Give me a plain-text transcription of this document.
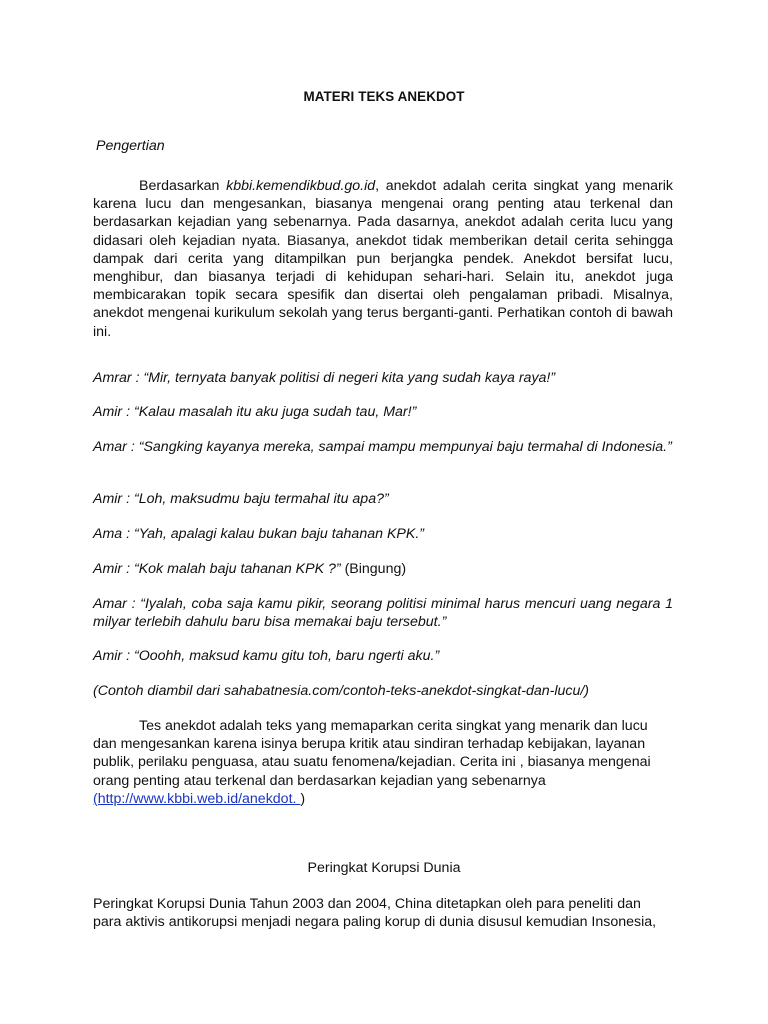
MATERI TEKS ANEKDOT
Pengertian

Berdasarkan kbbi.kemendikbud.go.id, anekdot adalah cerita singkat yang menarik karena lucu dan mengesankan, biasanya mengenai orang penting atau terkenal dan berdasarkan kejadian yang sebenarnya. Pada dasarnya, anekdot adalah cerita lucu yang didasari oleh kejadian nyata. Biasanya, anekdot tidak memberikan detail cerita sehingga dampak dari cerita yang ditampilkan pun berjangka pendek. Anekdot bersifat lucu, menghibur, dan biasanya terjadi di kehidupan sehari-hari. Selain itu, anekdot juga membicarakan topik secara spesifik dan disertai oleh pengalaman pribadi. Misalnya, anekdot mengenai kurikulum sekolah yang terus berganti-ganti. Perhatikan contoh di bawah ini.

Amrar : “Mir, ternyata banyak politisi di negeri kita yang sudah kaya raya!”

Amir : “Kalau masalah itu aku juga sudah tau, Mar!”

Amar : “Sangking kayanya mereka, sampai mampu mempunyai baju termahal di Indonesia.”

Amir : “Loh, maksudmu baju termahal itu apa?”

Ama : “Yah, apalagi kalau bukan baju tahanan KPK.”

Amir : “Kok malah baju tahanan KPK ?” (Bingung)

Amar : “Iyalah, coba saja kamu pikir, seorang politisi minimal harus mencuri uang negara 1 milyar terlebih dahulu baru bisa memakai baju tersebut.”

Amir : “Ooohh, maksud kamu gitu toh, baru ngerti aku.”

(Contoh diambil dari sahabatnesia.com/contoh-teks-anekdot-singkat-dan-lucu/)

Tes anekdot adalah teks yang memaparkan cerita singkat yang menarik dan lucu dan mengesankan karena isinya berupa kritik atau sindiran terhadap kebijakan, layanan publik, perilaku penguasa, atau suatu fenomena/kejadian. Cerita ini , biasanya mengenai orang penting atau terkenal dan berdasarkan kejadian yang sebenarnya (http://www.kbbi.web.id/anekdot. )

Peringkat Korupsi Dunia

Peringkat Korupsi Dunia Tahun 2003 dan 2004, China ditetapkan oleh para peneliti dan para aktivis antikorupsi menjadi negara paling korup di dunia disusul kemudian Insonesia,
